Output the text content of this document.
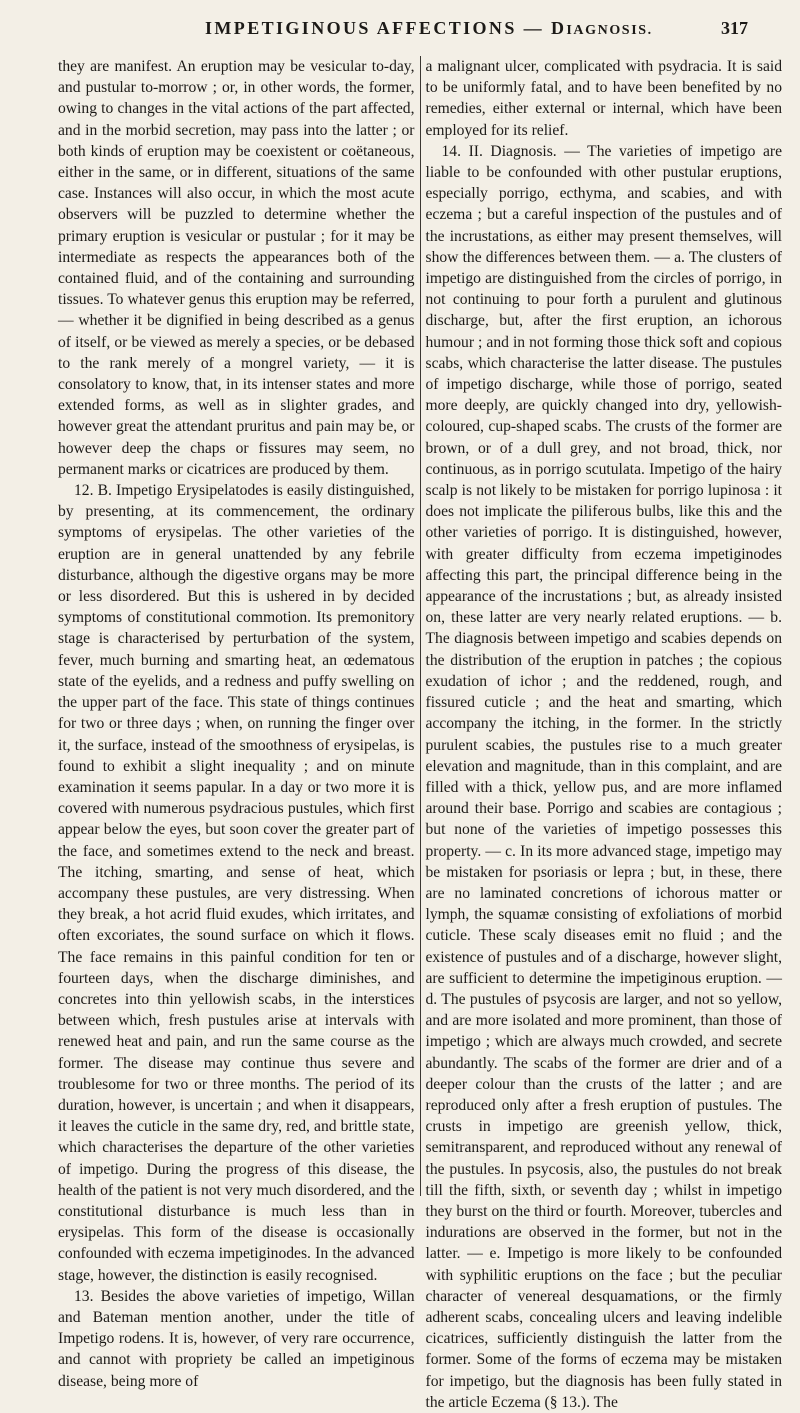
IMPETIGINOUS AFFECTIONS — DIAGNOSIS.	317

they are manifest. An eruption may be vesicular to-day, and pustular to-morrow ; or, in other words, the former, owing to changes in the vital actions of the part affected, and in the morbid secretion, may pass into the latter ; or both kinds of eruption may be coexistent or coëtaneous, either in the same, or in different, situations of the same case. Instances will also occur, in which the most acute observers will be puzzled to determine whether the primary eruption is vesicular or pustular ; for it may be intermediate as respects the appearances both of the contained fluid, and of the containing and surrounding tissues. To whatever genus this eruption may be referred, — whether it be dignified in being described as a genus of itself, or be viewed as merely a species, or be debased to the rank merely of a mongrel variety, — it is consolatory to know, that, in its intenser states and more extended forms, as well as in slighter grades, and however great the attendant pruritus and pain may be, or however deep the chaps or fissures may seem, no permanent marks or cicatrices are produced by them.

12. B. Impetigo Erysipelatodes is easily distinguished, by presenting, at its commencement, the ordinary symptoms of erysipelas. The other varieties of the eruption are in general unattended by any febrile disturbance, although the digestive organs may be more or less disordered. But this is ushered in by decided symptoms of constitutional commotion. Its premonitory stage is characterised by perturbation of the system, fever, much burning and smarting heat, an œdematous state of the eyelids, and a redness and puffy swelling on the upper part of the face. This state of things continues for two or three days ; when, on running the finger over it, the surface, instead of the smoothness of erysipelas, is found to exhibit a slight inequality ; and on minute examination it seems papular. In a day or two more it is covered with numerous psydracious pustules, which first appear below the eyes, but soon cover the greater part of the face, and sometimes extend to the neck and breast. The itching, smarting, and sense of heat, which accompany these pustules, are very distressing. When they break, a hot acrid fluid exudes, which irritates, and often excoriates, the sound surface on which it flows. The face remains in this painful condition for ten or fourteen days, when the discharge diminishes, and concretes into thin yellowish scabs, in the interstices between which, fresh pustules arise at intervals with renewed heat and pain, and run the same course as the former. The disease may continue thus severe and troublesome for two or three months. The period of its duration, however, is uncertain ; and when it disappears, it leaves the cuticle in the same dry, red, and brittle state, which characterises the departure of the other varieties of impetigo. During the progress of this disease, the health of the patient is not very much disordered, and the constitutional disturbance is much less than in erysipelas. This form of the disease is occasionally confounded with eczema impetiginodes. In the advanced stage, however, the distinction is easily recognised.

13. Besides the above varieties of impetigo, Willan and Bateman mention another, under the title of Impetigo rodens. It is, however, of very rare occurrence, and cannot with propriety be called an impetiginous disease, being more of

a malignant ulcer, complicated with psydracia. It is said to be uniformly fatal, and to have been benefited by no remedies, either external or internal, which have been employed for its relief.

14. II. Diagnosis. — The varieties of impetigo are liable to be confounded with other pustular eruptions, especially porrigo, ecthyma, and scabies, and with eczema ; but a careful inspection of the pustules and of the incrustations, as either may present themselves, will show the differences between them. — a. The clusters of impetigo are distinguished from the circles of porrigo, in not continuing to pour forth a purulent and glutinous discharge, but, after the first eruption, an ichorous humour ; and in not forming those thick soft and copious scabs, which characterise the latter disease. The pustules of impetigo discharge, while those of porrigo, seated more deeply, are quickly changed into dry, yellowish-coloured, cup-shaped scabs. The crusts of the former are brown, or of a dull grey, and not broad, thick, nor continuous, as in porrigo scutulata. Impetigo of the hairy scalp is not likely to be mistaken for porrigo lupinosa : it does not implicate the piliferous bulbs, like this and the other varieties of porrigo. It is distinguished, however, with greater difficulty from eczema impetiginodes affecting this part, the principal difference being in the appearance of the incrustations ; but, as already insisted on, these latter are very nearly related eruptions. — b. The diagnosis between impetigo and scabies depends on the distribution of the eruption in patches ; the copious exudation of ichor ; and the reddened, rough, and fissured cuticle ; and the heat and smarting, which accompany the itching, in the former. In the strictly purulent scabies, the pustules rise to a much greater elevation and magnitude, than in this complaint, and are filled with a thick, yellow pus, and are more inflamed around their base. Porrigo and scabies are contagious ; but none of the varieties of impetigo possesses this property. — c. In its more advanced stage, impetigo may be mistaken for psoriasis or lepra ; but, in these, there are no laminated concretions of ichorous matter or lymph, the squamæ consisting of exfoliations of morbid cuticle. These scaly diseases emit no fluid ; and the existence of pustules and of a discharge, however slight, are sufficient to determine the impetiginous eruption. — d. The pustules of psycosis are larger, and not so yellow, and are more isolated and more prominent, than those of impetigo ; which are always much crowded, and secrete abundantly. The scabs of the former are drier and of a deeper colour than the crusts of the latter ; and are reproduced only after a fresh eruption of pustules. The crusts in impetigo are greenish yellow, thick, semitransparent, and reproduced without any renewal of the pustules. In psycosis, also, the pustules do not break till the fifth, sixth, or seventh day ; whilst in impetigo they burst on the third or fourth. Moreover, tubercles and indurations are observed in the former, but not in the latter. — e. Impetigo is more likely to be confounded with syphilitic eruptions on the face ; but the peculiar character of venereal desquamations, or the firmly adherent scabs, concealing ulcers and leaving indelible cicatrices, sufficiently distinguish the latter from the former. Some of the forms of eczema may be mistaken for impetigo, but the diagnosis has been fully stated in the article Eczema (§ 13.). The
